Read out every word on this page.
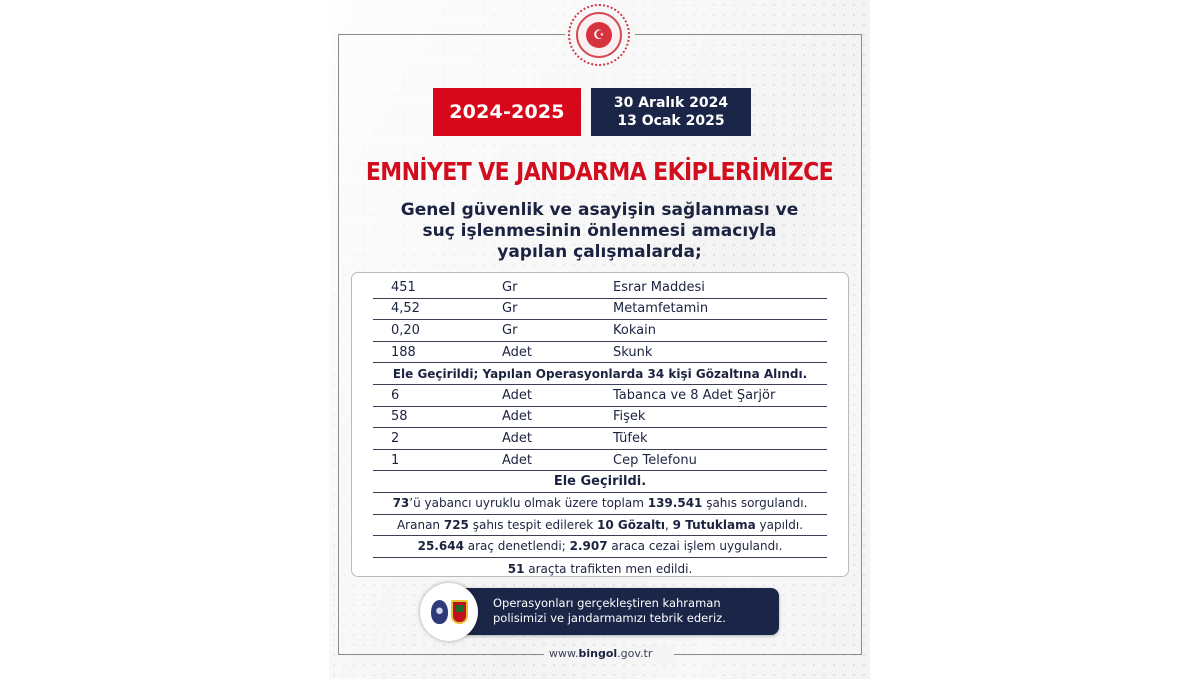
☪
2024-2025	30 Aralık 2024
13 Ocak 2025
EMNİYET VE JANDARMA EKİPLERİMİZCE
Genel güvenlik ve asayişin sağlanması ve
suç işlenmesinin önlenmesi amacıyla
yapılan çalışmalarda;
451	Gr	Esrar Maddesi
4,52	Gr	Metamfetamin
0,20	Gr	Kokain
188	Adet	Skunk
Ele Geçirildi; Yapılan Operasyonlarda 34 kişi Gözaltına Alındı.
6	Adet	Tabanca ve 8 Adet Şarjör
58	Adet	Fişek
2	Adet	Tüfek
1	Adet	Cep Telefonu
Ele Geçirildi.
73’ü yabancı uyruklu olmak üzere toplam 139.541 şahıs sorgulandı.
Aranan 725 şahıs tespit edilerek 10 Gözaltı, 9 Tutuklama yapıldı.
25.644 araç denetlendi; 2.907 araca cezai işlem uygulandı.
51 araçta trafikten men edildi.
Operasyonları gerçekleştiren kahraman
polisimizi ve jandarmamızı tebrik ederiz.
www.bingol.gov.tr
